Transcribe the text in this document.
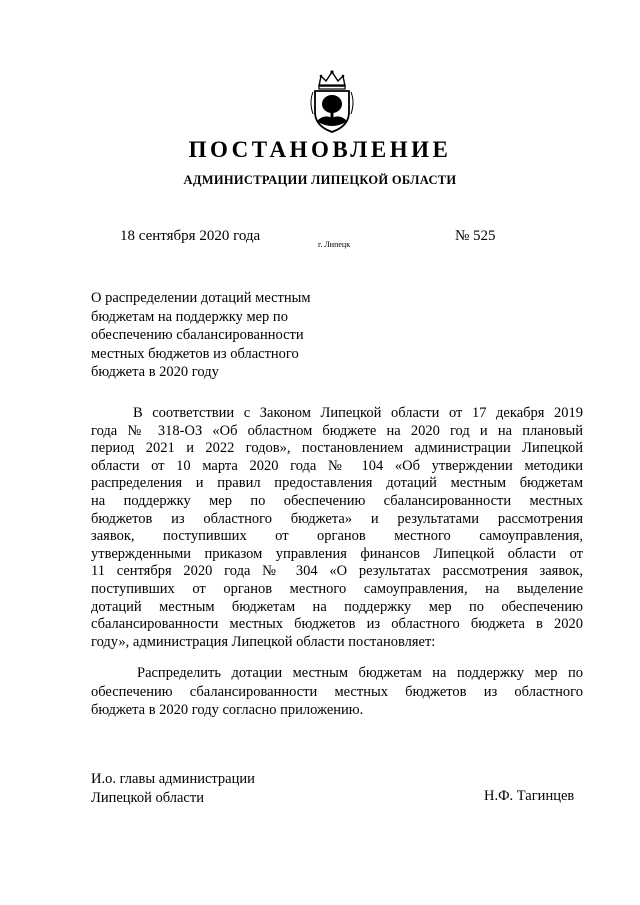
ПОСТАНОВЛЕНИЕ
АДМИНИСТРАЦИИ ЛИПЕЦКОЙ ОБЛАСТИ
18 сентября 2020 года
г. Липецк
№ 525
О распределении дотаций местным
бюджетам на поддержку мер по
обеспечению сбалансированности
местных бюджетов из областного
бюджета в 2020 году
В соответствии с Законом Липецкой области от 17 декабря 2019
года № 318-ОЗ «Об областном бюджете на 2020 год и на плановый
период 2021 и 2022 годов», постановлением администрации Липецкой
области от 10 марта 2020 года № 104 «Об утверждении методики
распределения и правил предоставления дотаций местным бюджетам
на поддержку мер по обеспечению сбалансированности местных
бюджетов из областного бюджета» и результатами рассмотрения
заявок, поступивших от органов местного самоуправления,
утвержденными приказом управления финансов Липецкой области от
11 сентября 2020 года № 304 «О результатах рассмотрения заявок,
поступивших от органов местного самоуправления, на выделение
дотаций местным бюджетам на поддержку мер по обеспечению
сбалансированности местных бюджетов из областного бюджета в 2020
году», администрация Липецкой области постановляет:
Распределить дотации местным бюджетам на поддержку мер по
обеспечению сбалансированности местных бюджетов из областного
бюджета в 2020 году согласно приложению.
И.о. главы администрации
Липецкой области	Н.Ф. Тагинцев
